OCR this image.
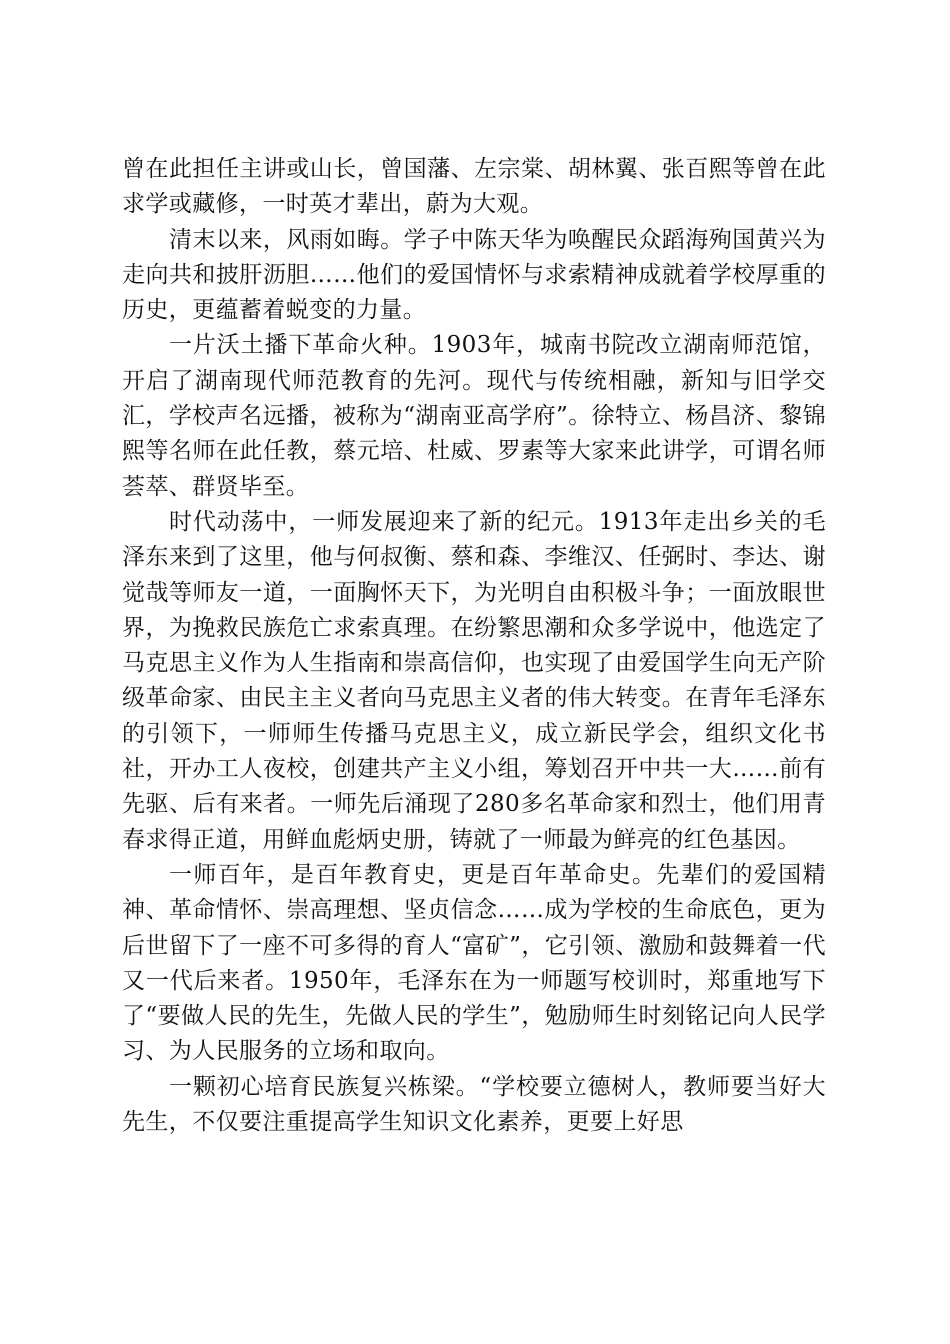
曾在此担任主讲或山长，曾国藩、左宗棠、胡林翼、张百熙等曾在此求学或藏修，一时英才辈出，蔚为大观。

清末以来，风雨如晦。学子中陈天华为唤醒民众蹈海殉国黄兴为走向共和披肝沥胆……他们的爱国情怀与求索精神成就着学校厚重的历史，更蕴蓄着蜕变的力量。

一片沃土播下革命火种。1903年，城南书院改立湖南师范馆，开启了湖南现代师范教育的先河。现代与传统相融，新知与旧学交汇，学校声名远播，被称为“湖南亚高学府”。徐特立、杨昌济、黎锦熙等名师在此任教，蔡元培、杜威、罗素等大家来此讲学，可谓名师荟萃、群贤毕至。

时代动荡中，一师发展迎来了新的纪元。1913年走出乡关的毛泽东来到了这里，他与何叔衡、蔡和森、李维汉、任弼时、李达、谢觉哉等师友一道，一面胸怀天下，为光明自由积极斗争；一面放眼世界，为挽救民族危亡求索真理。在纷繁思潮和众多学说中，他选定了马克思主义作为人生指南和崇高信仰，也实现了由爱国学生向无产阶级革命家、由民主主义者向马克思主义者的伟大转变。在青年毛泽东的引领下，一师师生传播马克思主义，成立新民学会，组织文化书社，开办工人夜校，创建共产主义小组，筹划召开中共一大……前有先驱、后有来者。一师先后涌现了280多名革命家和烈士，他们用青春求得正道，用鲜血彪炳史册，铸就了一师最为鲜亮的红色基因。

一师百年，是百年教育史，更是百年革命史。先辈们的爱国精神、革命情怀、崇高理想、坚贞信念……成为学校的生命底色，更为后世留下了一座不可多得的育人“富矿”，它引领、激励和鼓舞着一代又一代后来者。1950年，毛泽东在为一师题写校训时，郑重地写下了“要做人民的先生，先做人民的学生”，勉励师生时刻铭记向人民学习、为人民服务的立场和取向。

一颗初心培育民族复兴栋梁。“学校要立德树人，教师要当好大先生，不仅要注重提高学生知识文化素养，更要上好思
